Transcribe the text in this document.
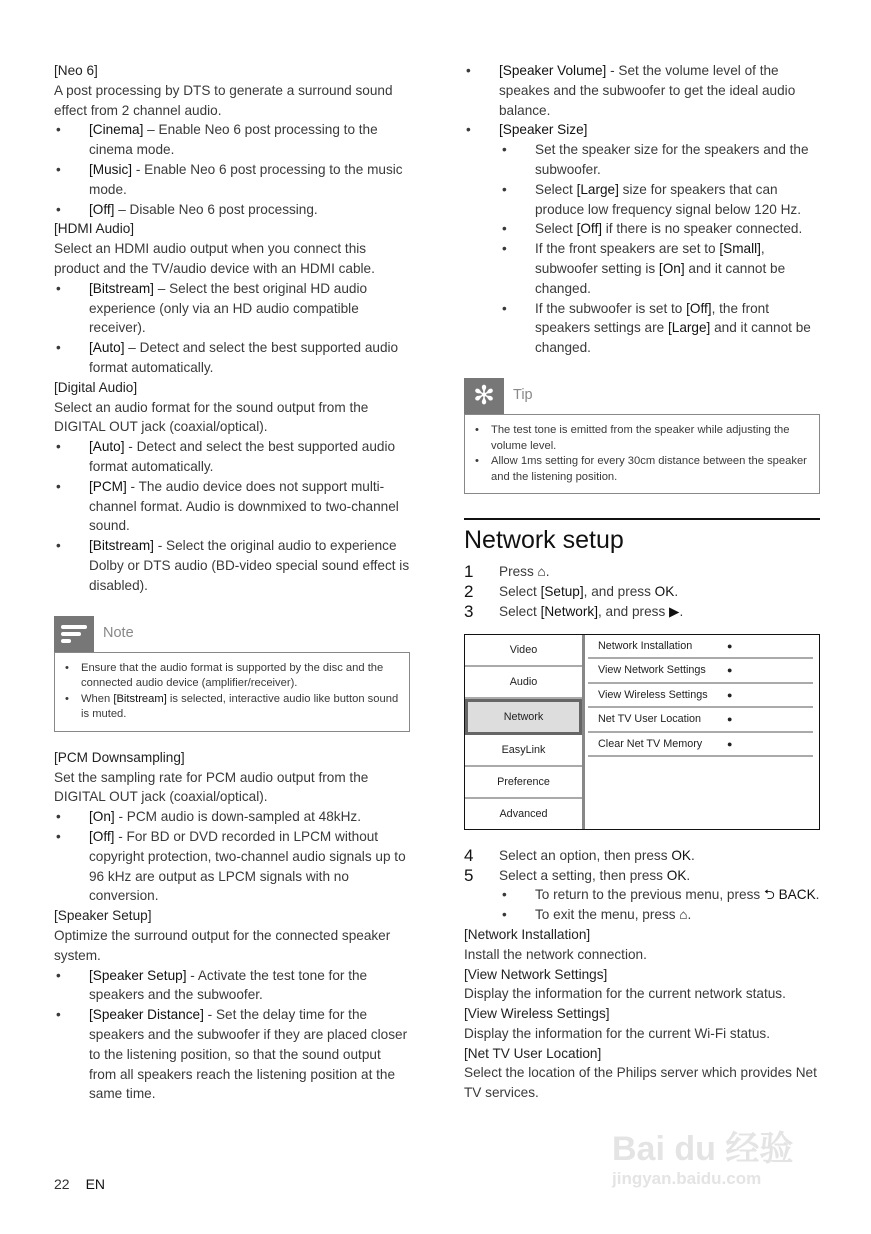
[Neo 6]
A post processing by DTS to generate a surround sound effect from 2 channel audio.
• [Cinema] – Enable Neo 6 post processing to the cinema mode.
• [Music] - Enable Neo 6 post processing to the music mode.
• [Off] – Disable Neo 6 post processing.
[HDMI Audio]
Select an HDMI audio output when you connect this product and the TV/audio device with an HDMI cable.
• [Bitstream] – Select the best original HD audio experience (only via an HD audio compatible receiver).
• [Auto] – Detect and select the best supported audio format automatically.
[Digital Audio]
Select an audio format for the sound output from the DIGITAL OUT jack (coaxial/optical).
• [Auto] - Detect and select the best supported audio format automatically.
• [PCM] - The audio device does not support multi-channel format. Audio is downmixed to two-channel sound.
• [Bitstream] - Select the original audio to experience Dolby or DTS audio (BD-video special sound effect is disabled).
Note
• Ensure that the audio format is supported by the disc and the connected audio device (amplifier/receiver).
• When [Bitstream] is selected, interactive audio like button sound is muted.
[PCM Downsampling]
Set the sampling rate for PCM audio output from the DIGITAL OUT jack (coaxial/optical).
• [On] - PCM audio is down-sampled at 48kHz.
• [Off] - For BD or DVD recorded in LPCM without copyright protection, two-channel audio signals up to 96 kHz are output as LPCM signals with no conversion.
[Speaker Setup]
Optimize the surround output for the connected speaker system.
• [Speaker Setup] - Activate the test tone for the speakers and the subwoofer.
• [Speaker Distance] - Set the delay time for the speakers and the subwoofer if they are placed closer to the listening position, so that the sound output from all speakers reach the listening position at the same time.
• [Speaker Volume] - Set the volume level of the speakes and the subwoofer to get the ideal audio balance.
• [Speaker Size]
• Set the speaker size for the speakers and the subwoofer.
• Select [Large] size for speakers that can produce low frequency signal below 120 Hz.
• Select [Off] if there is no speaker connected.
• If the front speakers are set to [Small], subwoofer setting is [On] and it cannot be changed.
• If the subwoofer is set to [Off], the front speakers settings are [Large] and it cannot be changed.
✻	Tip
• The test tone is emitted from the speaker while adjusting the volume level.
• Allow 1ms setting for every 30cm distance between the speaker and the listening position.
Network setup
1 Press ⌂.
2 Select [Setup], and press OK.
3 Select [Network], and press ▶.
Video
Audio
Network
EasyLink
Preference
Advanced
Network Installation	●
View Network Settings ●
View Wireless Settings ●
Net TV User Location	●
Clear Net TV Memory	●
4 Select an option, then press OK.
5 Select a setting, then press OK.
• To return to the previous menu, press ⮌ BACK.
• To exit the menu, press ⌂.
[Network Installation]
Install the network connection.
[View Network Settings]
Display the information for the current network status.
[View Wireless Settings]
Display the information for the current Wi-Fi status.
[Net TV User Location]
Select the location of the Philips server which provides Net TV services.
22 EN
Bai du 经验
jingyan.baidu.com
